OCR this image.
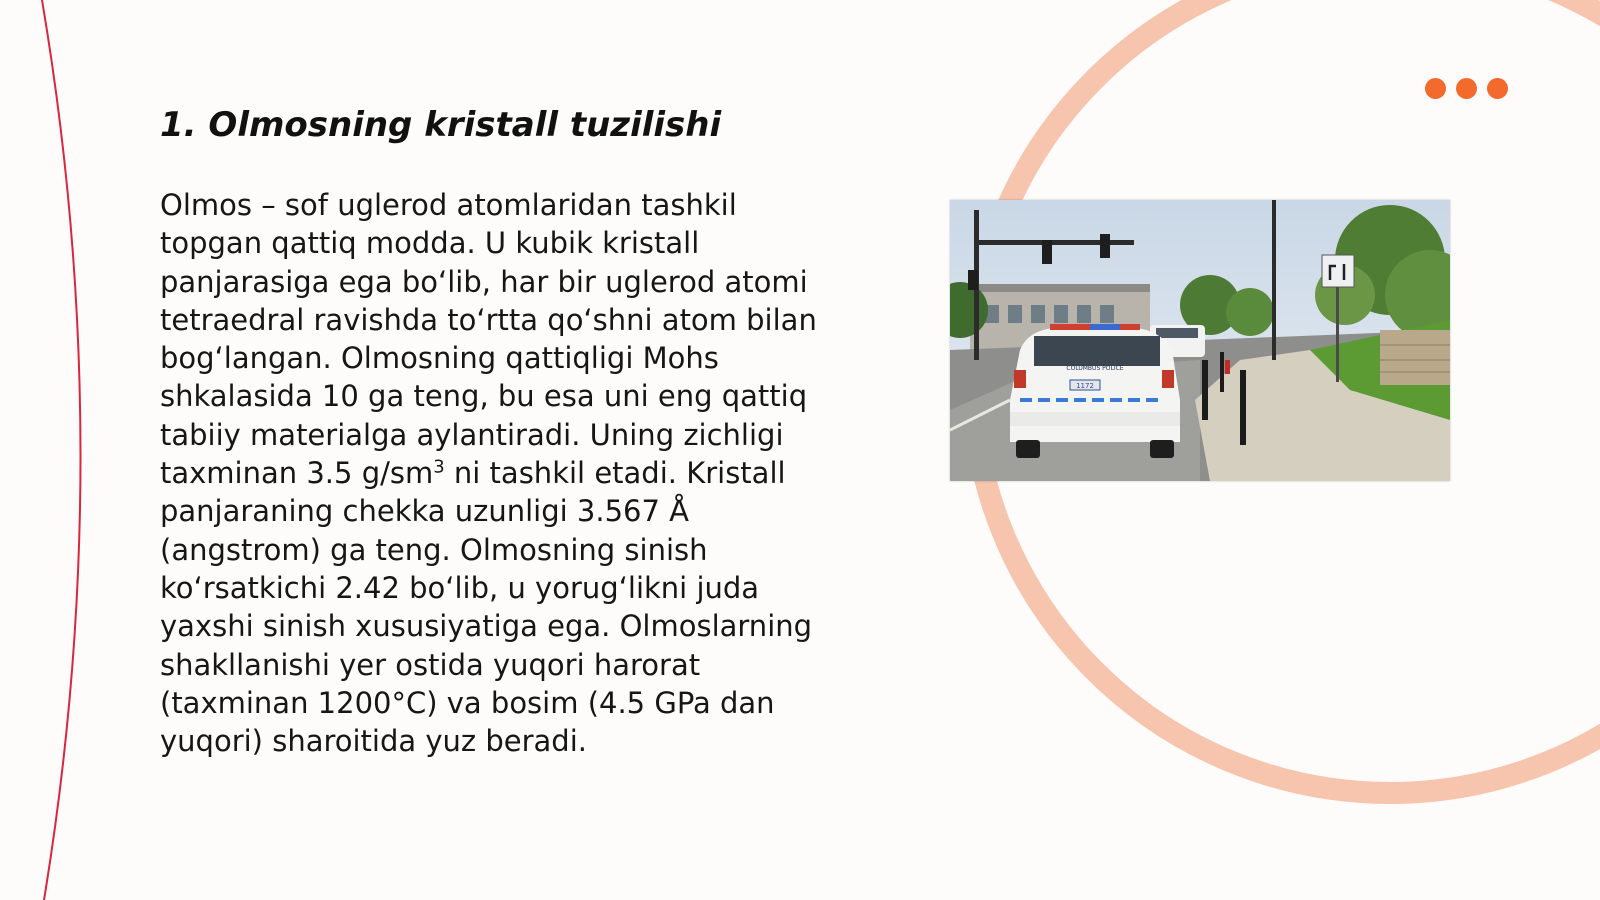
1. Olmosning kristall tuzilishi

Olmos – sof uglerod atomlaridan tashkil topgan qattiq modda. U kubik kristall panjarasiga ega bo‘lib, har bir uglerod atomi tetraedral ravishda to‘rtta qo‘shni atom bilan bog‘langan. Olmosning qattiqligi Mohs shkalasida 10 ga teng, bu esa uni eng qattiq tabiiy materialga aylantiradi. Uning zichligi taxminan 3.5 $g/sm^3$ ni tashkil etadi. Kristall panjaraning chekka uzunligi 3.567 Å (angstrom) ga teng. Olmosning sinish ko‘rsatkichi 2.42 bo‘lib, u yorug‘likni juda yaxshi sinish xususiyatiga ega. Olmoslarning shakllanishi yer ostida yuqori harorat (taxminan 1200°C) va bosim (4.5 GPa dan yuqori) sharoitida yuz beradi.

1172
COLUMBUS POLICE
